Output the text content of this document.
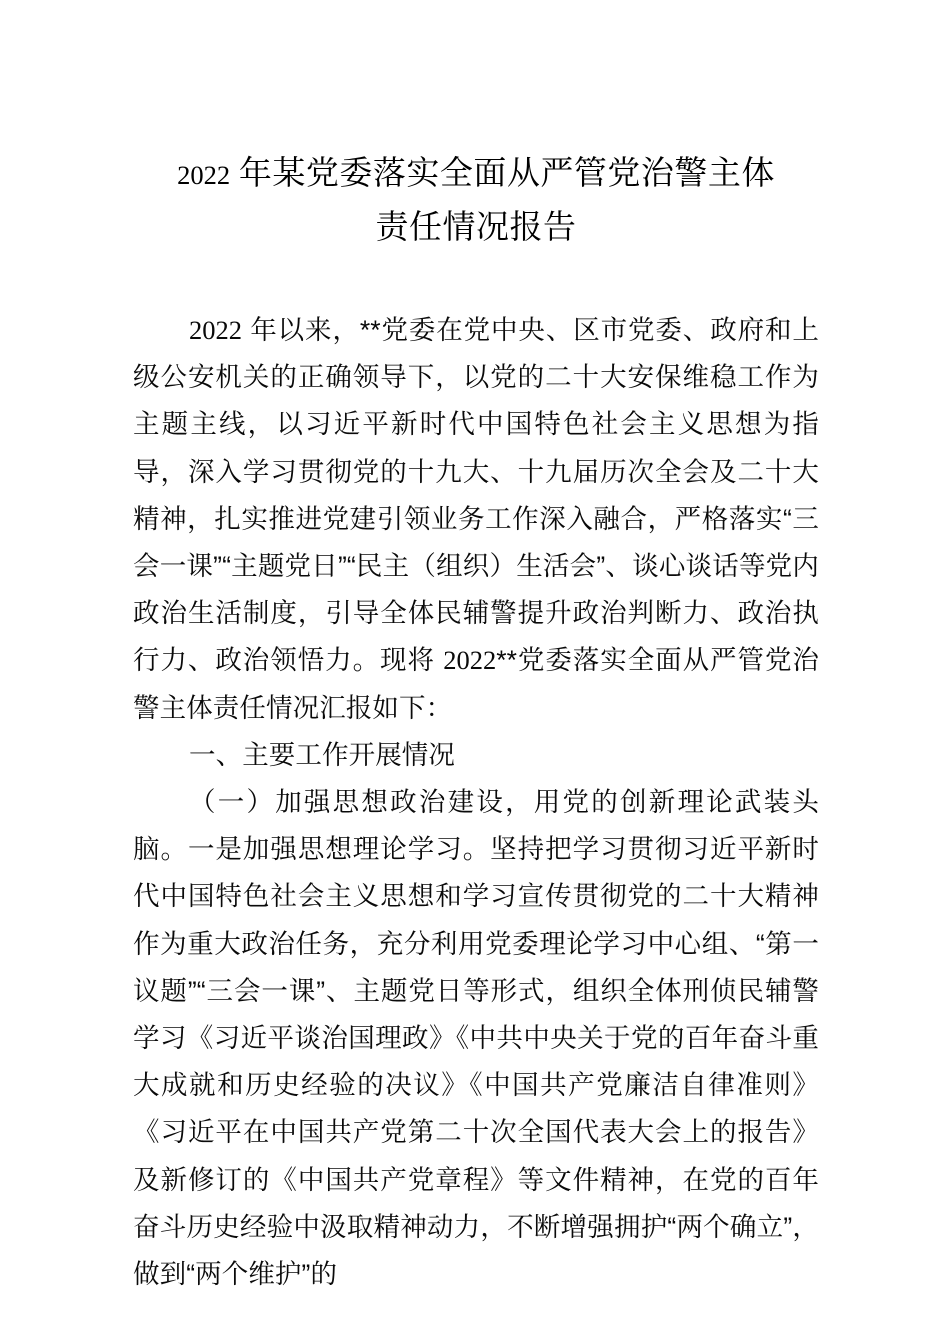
2022 年某党委落实全面从严管党治警主体
责任情况报告

2022 年以来，**党委在党中央、区市党委、政府和上级公安机关的正确领导下，以党的二十大安保维稳工作为主题主线，以习近平新时代中国特色社会主义思想为指导，深入学习贯彻党的十九大、十九届历次全会及二十大精神，扎实推进党建引领业务工作深入融合，严格落实“三会一课”“主题党日”“民主（组织）生活会”、谈心谈话等党内政治生活制度，引导全体民辅警提升政治判断力、政治执行力、政治领悟力。现将 2022**党委落实全面从严管党治警主体责任情况汇报如下：

一、主要工作开展情况

（一）加强思想政治建设，用党的创新理论武装头脑。一是加强思想理论学习。坚持把学习贯彻习近平新时代中国特色社会主义思想和学习宣传贯彻党的二十大精神作为重大政治任务，充分利用党委理论学习中心组、“第一议题”“三会一课”、主题党日等形式，组织全体刑侦民辅警学习《习近平谈治国理政》《中共中央关于党的百年奋斗重大成就和历史经验的决议》《中国共产党廉洁自律准则》《习近平在中国共产党第二十次全国代表大会上的报告》及新修订的《中国共产党章程》等文件精神，在党的百年奋斗历史经验中汲取精神动力，不断增强拥护“两个确立”，做到“两个维护”的
